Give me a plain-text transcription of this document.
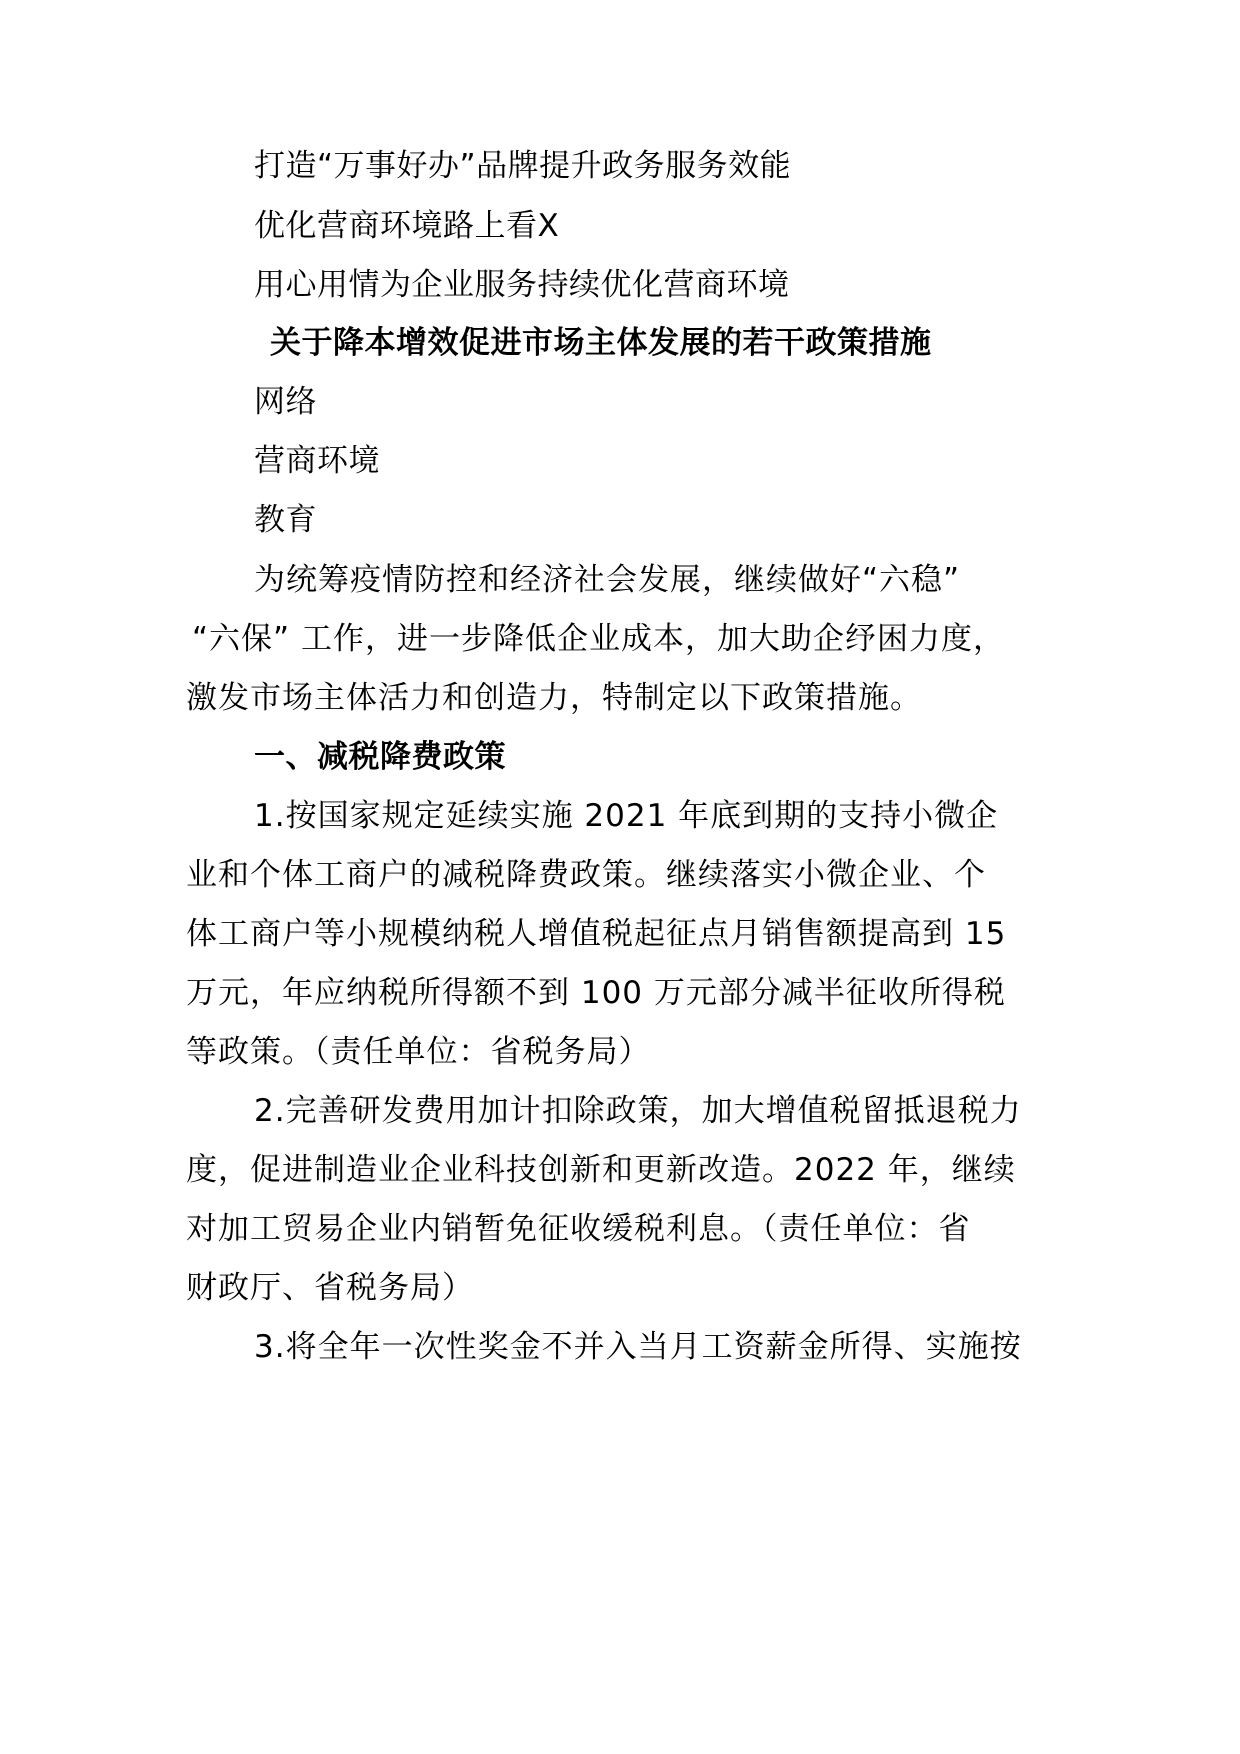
打造“万事好办”品牌提升政务服务效能
优化营商环境路上看X
用心用情为企业服务持续优化营商环境
关于降本增效促进市场主体发展的若干政策措施
网络
营商环境
教育
为统筹疫情防控和经济社会发展，继续做好“六稳”
“六保” 工作，进一步降低企业成本，加大助企纾困力度，
激发市场主体活力和创造力，特制定以下政策措施。
一、减税降费政策
1.按国家规定延续实施 2021 年底到期的支持小微企
业和个体工商户的减税降费政策。继续落实小微企业、个
体工商户等小规模纳税人增值税起征点月销售额提高到 15
万元，年应纳税所得额不到 100 万元部分减半征收所得税
等政策。（责任单位：省税务局）
2.完善研发费用加计扣除政策，加大增值税留抵退税力
度，促进制造业企业科技创新和更新改造。2022 年，继续
对加工贸易企业内销暂免征收缓税利息。（责任单位：省
财政厅、省税务局）
3.将全年一次性奖金不并入当月工资薪金所得、实施按
